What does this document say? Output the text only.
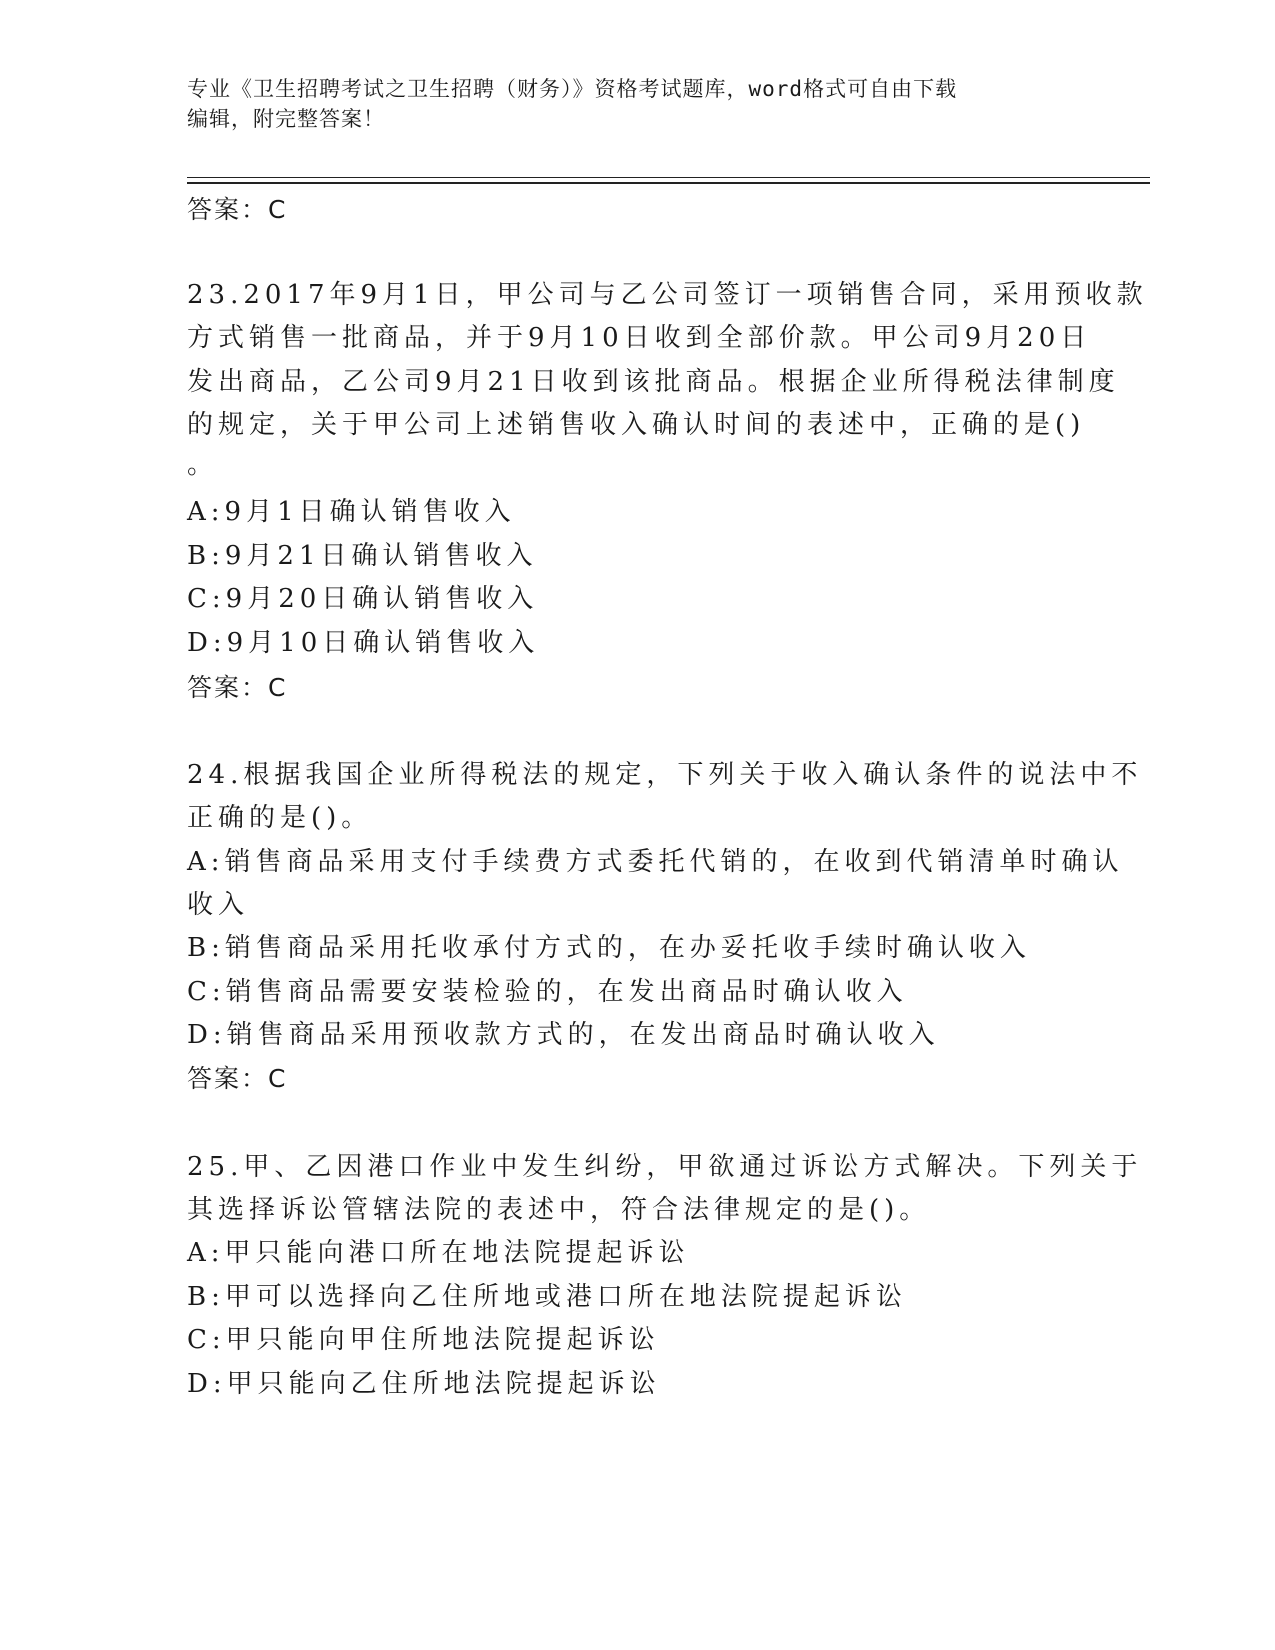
专业《卫生招聘考试之卫生招聘（财务）》资格考试题库，word格式可自由下载
编辑，附完整答案！
答案：C
23.2017年9月1日，甲公司与乙公司签订一项销售合同，采用预收款
方式销售一批商品，并于9月10日收到全部价款。甲公司9月20日
发出商品，乙公司9月21日收到该批商品。根据企业所得税法律制度
的规定，关于甲公司上述销售收入确认时间的表述中，正确的是()
。
A:9月1日确认销售收入
B:9月21日确认销售收入
C:9月20日确认销售收入
D:9月10日确认销售收入
答案：C
24.根据我国企业所得税法的规定，下列关于收入确认条件的说法中不
正确的是()。
A:销售商品采用支付手续费方式委托代销的，在收到代销清单时确认
收入
B:销售商品采用托收承付方式的，在办妥托收手续时确认收入
C:销售商品需要安装检验的，在发出商品时确认收入
D:销售商品采用预收款方式的，在发出商品时确认收入
答案：C
25.甲、乙因港口作业中发生纠纷，甲欲通过诉讼方式解决。下列关于
其选择诉讼管辖法院的表述中，符合法律规定的是()。
A:甲只能向港口所在地法院提起诉讼
B:甲可以选择向乙住所地或港口所在地法院提起诉讼
C:甲只能向甲住所地法院提起诉讼
D:甲只能向乙住所地法院提起诉讼
